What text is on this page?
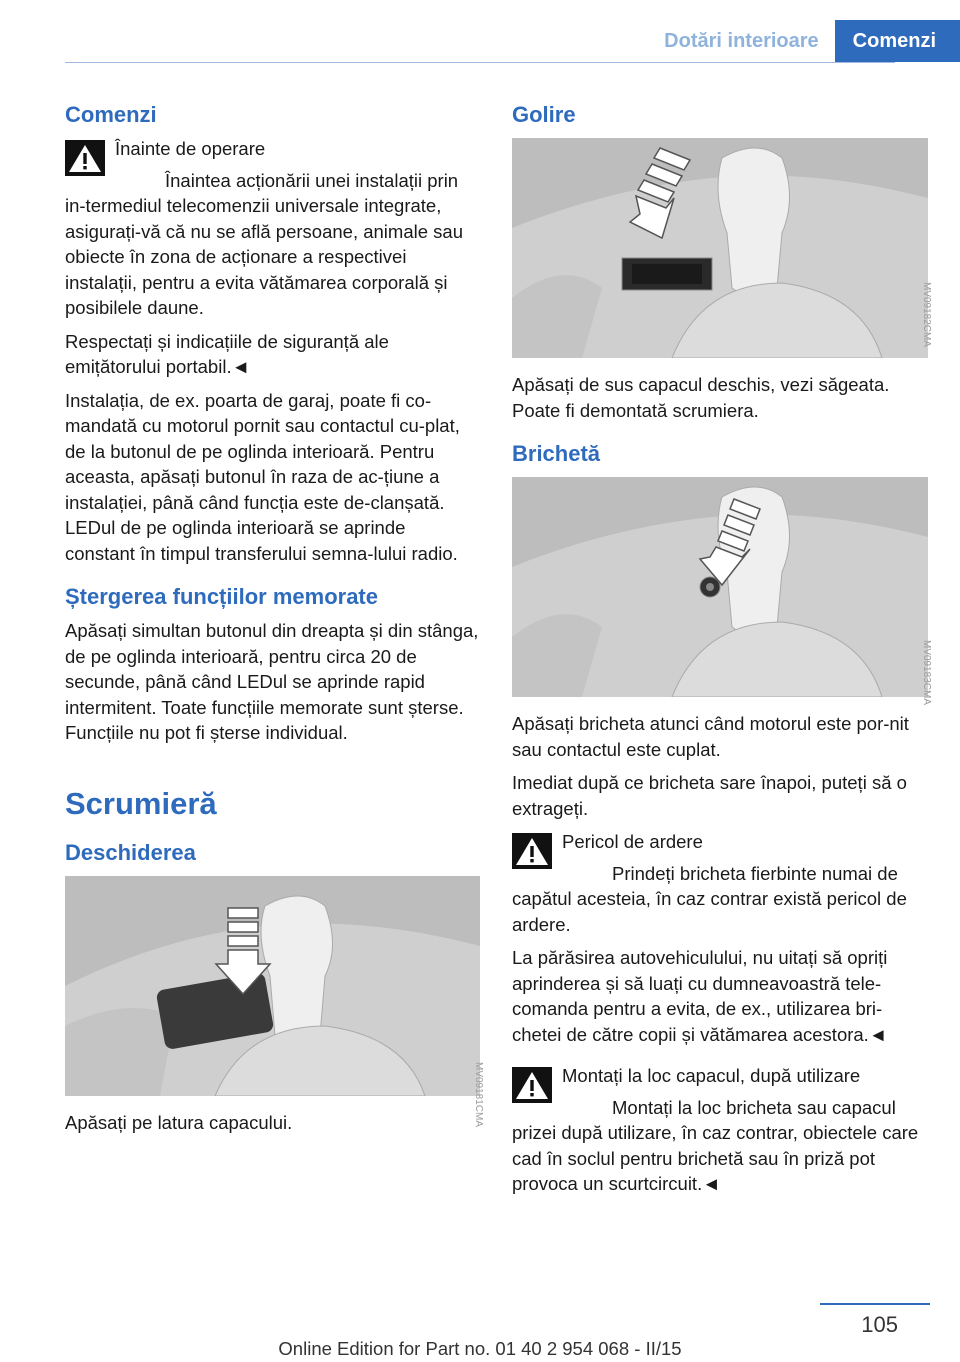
Dotări interioare	Comenzi
Comenzi
Înainte de operare
Înaintea acționării unei instalații prin in-termediul telecomenzii universale integrate, asigurați-vă că nu se află persoane, animale sau obiecte în zona de acționare a respectivei instalații, pentru a evita vătămarea corporală și posibilele daune.

Respectați și indicațiile de siguranță ale emițătorului portabil.◄

Instalația, de ex. poarta de garaj, poate fi co-mandată cu motorul pornit sau contactul cu-plat, de la butonul de pe oglinda interioară. Pentru aceasta, apăsați butonul în raza de ac-țiune a instalației, până când funcția este de-clanșată. LEDul de pe oglinda interioară se aprinde constant în timpul transferului semna-lului radio.

Ștergerea funcțiilor memorate

Apăsați simultan butonul din dreapta și din stânga, de pe oglinda interioară, pentru circa 20 de secunde, până când LEDul se aprinde rapid intermitent. Toate funcțiile memorate sunt șterse. Funcțiile nu pot fi șterse individual.

Scrumieră
Deschiderea

Apăsați pe latura capacului.	MV09181CMA
Golire

Apăsați de sus capacul deschis, vezi săgeata. Poate fi demontată scrumiera.

Brichetă

Apăsați bricheta atunci când motorul este por-nit sau contactul este cuplat.

Imediat după ce bricheta sare înapoi, puteți să o extrageți.

Pericol de ardere
Prindeți bricheta fierbinte numai de capătul acesteia, în caz contrar există pericol de ardere.

La părăsirea autovehiculului, nu uitați să opriți aprinderea și să luați cu dumneavoastră tele-comanda pentru a evita, de ex., utilizarea bri-chetei de către copii și vătămarea acestora.◄

Montați la loc capacul, după utilizare
Montați la loc bricheta sau capacul prizei după utilizare, în caz contrar, obiectele care cad în soclul pentru brichetă sau în priză pot provoca un scurtcircuit.◄
MV09182CMA
MV09183CMA
105
Online Edition for Part no. 01 40 2 954 068 - II/15
